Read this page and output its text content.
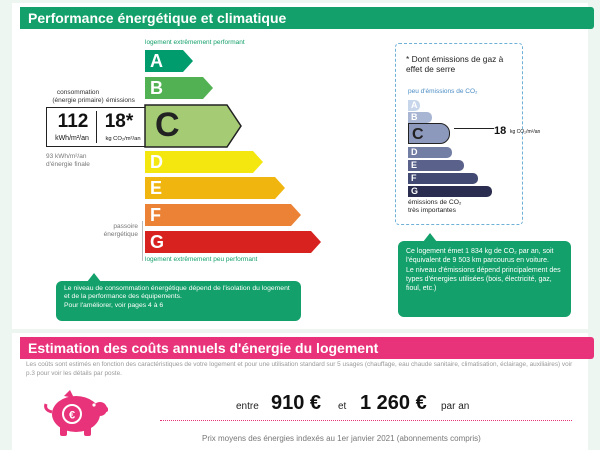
Performance énergétique et climatique
logement extrêmement performant
consommation
(énergie primaire) émissions
112
kWh/m²/an
18*
kg CO₂/m²/an
93 kWh/m²/an
d'énergie finale
passoire
énergétique
A
B
C
D
E
F
G
logement extrêmement peu performant
Le niveau de consommation énergétique dépend de l'isolation du logement et de la performance des équipements.
Pour l'améliorer, voir pages 4 à 6
* Dont émissions de gaz à effet de serre
peu d'émissions de CO₂
A
B
C
D
E
F
G
18 kg CO₂/m²/an
émissions de CO₂
très importantes
Ce logement émet 1 834 kg de CO₂ par an, soit l'équivalent de 9 503 km parcourus en voiture.
Le niveau d'émissions dépend principalement des types d'énergies utilisées (bois, électricité, gaz, fioul, etc.)
Estimation des coûts annuels d'énergie du logement
Les coûts sont estimés en fonction des caractéristiques de votre logement et pour une utilisation standard sur 5 usages (chauffage, eau chaude sanitaire, climatisation, éclairage, auxiliaires) voir p.3 pour voir les détails par poste.
€
entre 910 € et 1 260 € par an
Prix moyens des énergies indexés au 1er janvier 2021 (abonnements compris)
